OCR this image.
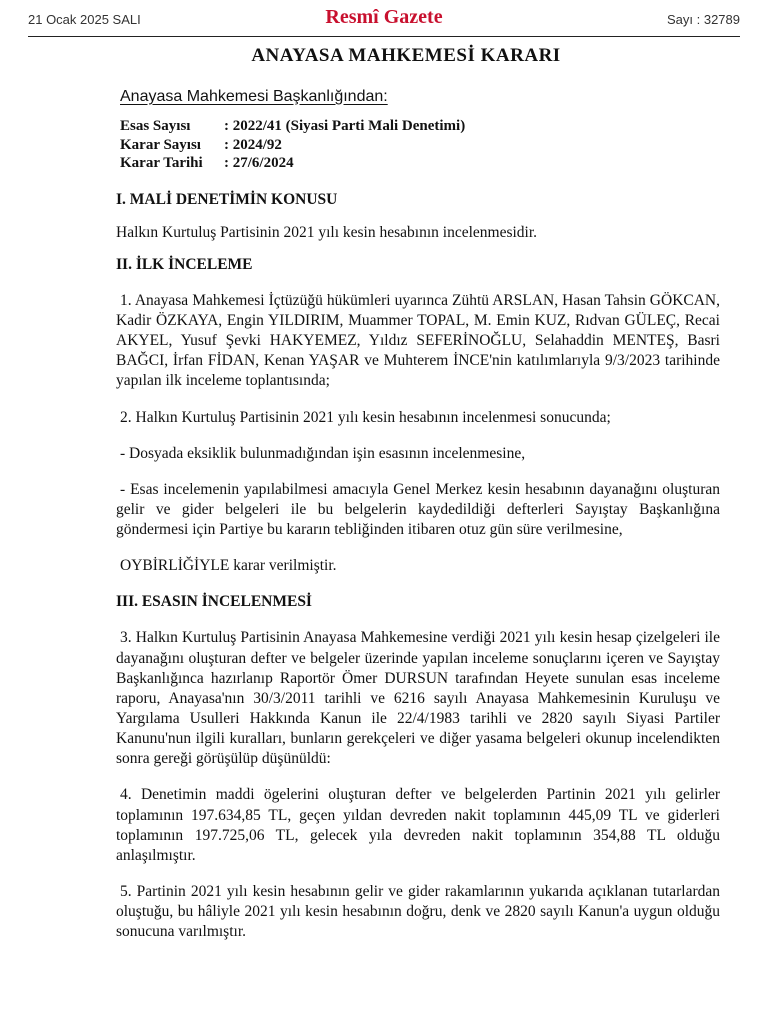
21 Ocak 2025 SALI	Resmî Gazete	Sayı : 32789
ANAYASA MAHKEMESİ KARARI
Anayasa Mahkemesi Başkanlığından:
Esas Sayısı : 2022/41 (Siyasi Parti Mali Denetimi)
Karar Sayısı : 2024/92
Karar Tarihi : 27/6/2024
I. MALİ DENETİMİN KONUSU

Halkın Kurtuluş Partisinin 2021 yılı kesin hesabının incelenmesidir.

II. İLK İNCELEME

1. Anayasa Mahkemesi İçtüzüğü hükümleri uyarınca Zühtü ARSLAN, Hasan Tahsin GÖKCAN, Kadir ÖZKAYA, Engin YILDIRIM, Muammer TOPAL, M. Emin KUZ, Rıdvan GÜLEÇ, Recai AKYEL, Yusuf Şevki HAKYEMEZ, Yıldız SEFERİNOĞLU, Selahaddin MENTEŞ, Basri BAĞCI, İrfan FİDAN, Kenan YAŞAR ve Muhterem İNCE'nin katılımlarıyla 9/3/2023 tarihinde yapılan ilk inceleme toplantısında;

2. Halkın Kurtuluş Partisinin 2021 yılı kesin hesabının incelenmesi sonucunda;

- Dosyada eksiklik bulunmadığından işin esasının incelenmesine,

- Esas incelemenin yapılabilmesi amacıyla Genel Merkez kesin hesabının dayanağını oluşturan gelir ve gider belgeleri ile bu belgelerin kaydedildiği defterleri Sayıştay Başkanlığına göndermesi için Partiye bu kararın tebliğinden itibaren otuz gün süre verilmesine,

OYBİRLİĞİYLE karar verilmiştir.

III. ESASIN İNCELENMESİ

3. Halkın Kurtuluş Partisinin Anayasa Mahkemesine verdiği 2021 yılı kesin hesap çizelgeleri ile dayanağını oluşturan defter ve belgeler üzerinde yapılan inceleme sonuçlarını içeren ve Sayıştay Başkanlığınca hazırlanıp Raportör Ömer DURSUN tarafından Heyete sunulan esas inceleme raporu, Anayasa'nın 30/3/2011 tarihli ve 6216 sayılı Anayasa Mahkemesinin Kuruluşu ve Yargılama Usulleri Hakkında Kanun ile 22/4/1983 tarihli ve 2820 sayılı Siyasi Partiler Kanunu'nun ilgili kuralları, bunların gerekçeleri ve diğer yasama belgeleri okunup incelendikten sonra gereği görüşülüp düşünüldü:

4. Denetimin maddi ögelerini oluşturan defter ve belgelerden Partinin 2021 yılı gelirler toplamının 197.634,85 TL, geçen yıldan devreden nakit toplamının 445,09 TL ve giderleri toplamının 197.725,06 TL, gelecek yıla devreden nakit toplamının 354,88 TL olduğu anlaşılmıştır.

5. Partinin 2021 yılı kesin hesabının gelir ve gider rakamlarının yukarıda açıklanan tutarlardan oluştuğu, bu hâliyle 2021 yılı kesin hesabının doğru, denk ve 2820 sayılı Kanun'a uygun olduğu sonucuna varılmıştır.
